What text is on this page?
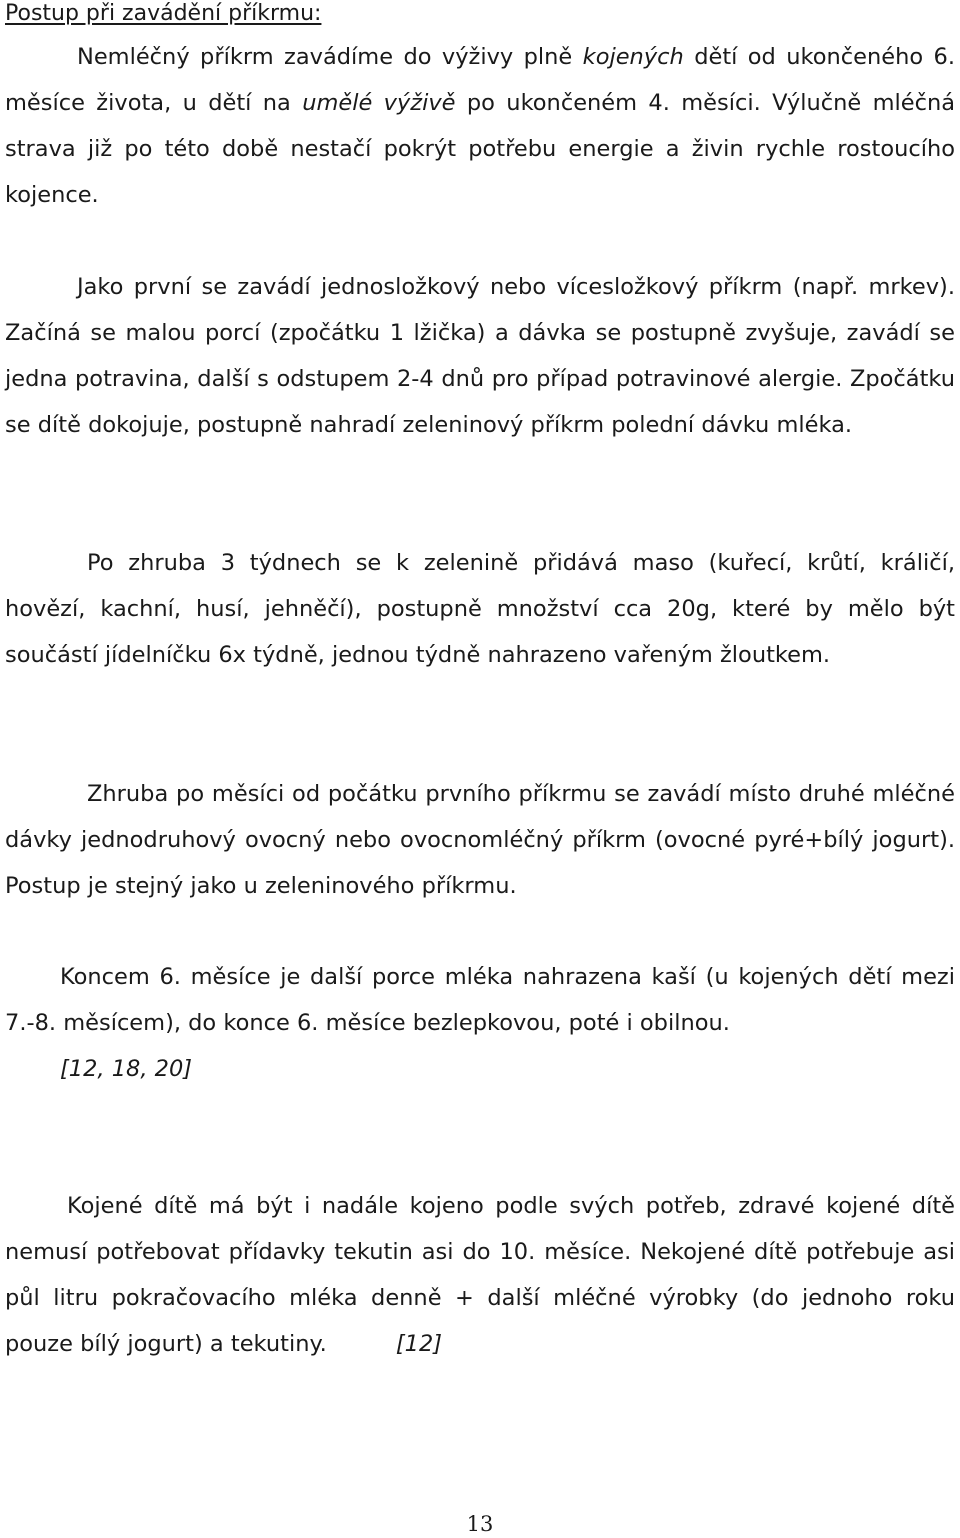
Postup při zavádění příkrmu:

Nemléčný příkrm zavádíme do výživy plně kojených dětí od ukončeného 6. měsíce života, u dětí na umělé výživě po ukončeném 4. měsíci. Výlučně mléčná strava již po této době nestačí pokrýt potřebu energie a živin rychle rostoucího kojence.

Jako první se zavádí jednosložkový nebo vícesložkový příkrm (např. mrkev). Začíná se malou porcí (zpočátku 1 lžička) a dávka se postupně zvyšuje, zavádí se jedna potravina, další s odstupem 2-4 dnů pro případ potravinové alergie. Zpočátku se dítě dokojuje, postupně nahradí zeleninový příkrm polední dávku mléka.

Po zhruba 3 týdnech se k zelenině přidává maso (kuřecí, krůtí, králičí, hovězí, kachní, husí, jehněčí), postupně množství cca 20g, které by mělo být součástí jídelníčku 6x týdně, jednou týdně nahrazeno vařeným žloutkem.

Zhruba po měsíci od počátku prvního příkrmu se zavádí místo druhé mléčné dávky jednodruhový ovocný nebo ovocnomléčný příkrm (ovocné pyré+bílý jogurt). Postup je stejný jako u zeleninového příkrmu.

Koncem 6. měsíce je další porce mléka nahrazena kaší (u kojených dětí mezi 7.-8. měsícem), do konce 6. měsíce bezlepkovou, poté i obilnou.
[12, 18, 20]

Kojené dítě má být i nadále kojeno podle svých potřeb, zdravé kojené dítě nemusí potřebovat přídavky tekutin asi do 10. měsíce. Nekojené dítě potřebuje asi půl litru pokračovacího mléka denně + další mléčné výrobky (do jednoho roku pouze bílý jogurt) a tekutiny.	[12]

13
